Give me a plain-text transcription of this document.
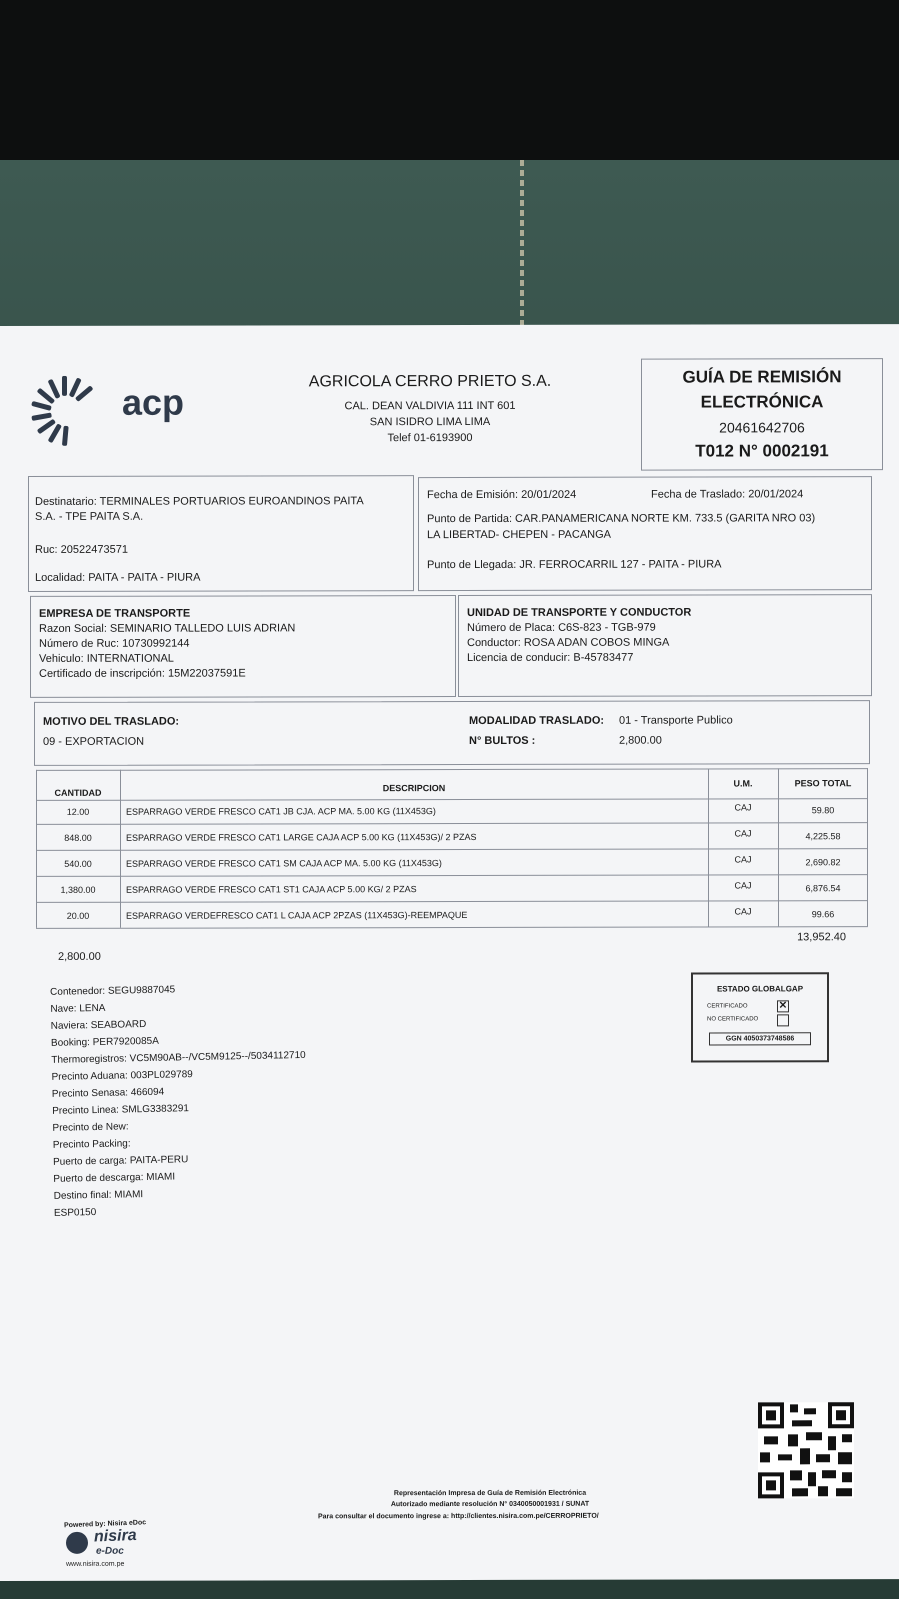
acp
AGRICOLA CERRO PRIETO S.A.
CAL. DEAN VALDIVIA 111 INT 601
SAN ISIDRO LIMA LIMA
Telef 01-6193900
GUÍA DE REMISIÓN
ELECTRÓNICA
20461642706
T012 N° 0002191
Destinatario: TERMINALES PORTUARIOS EUROANDINOS PAITA
S.A. - TPE PAITA S.A.
Ruc: 20522473571
Localidad: PAITA - PAITA - PIURA
Fecha de Emisión: 20/01/2024	Fecha de Traslado: 20/01/2024
Punto de Partida: CAR.PANAMERICANA NORTE KM. 733.5 (GARITA NRO 03)
LA LIBERTAD- CHEPEN - PACANGA
Punto de Llegada: JR. FERROCARRIL 127 - PAITA - PIURA
EMPRESA DE TRANSPORTE
Razon Social: SEMINARIO TALLEDO LUIS ADRIAN
Número de Ruc: 10730992144
Vehiculo: INTERNATIONAL
Certificado de inscripción: 15M22037591E
UNIDAD DE TRANSPORTE Y CONDUCTOR
Número de Placa: C6S-823 - TGB-979
Conductor: ROSA ADAN COBOS MINGA
Licencia de conducir: B-45783477
MOTIVO DEL TRASLADO:
09 - EXPORTACION
MODALIDAD TRASLADO: 01 - Transporte Publico
N° BULTOS :	2,800.00
CANTIDAD	DESCRIPCION	U.M.	PESO TOTAL
12.00	ESPARRAGO VERDE FRESCO CAT1 JB CJA. ACP MA. 5.00 KG (11X453G)	CAJ	59.80
848.00	ESPARRAGO VERDE FRESCO CAT1 LARGE CAJA ACP 5.00 KG (11X453G)/ 2 PZAS	CAJ	4,225.58
540.00	ESPARRAGO VERDE FRESCO CAT1 SM CAJA ACP MA. 5.00 KG (11X453G)	CAJ	2,690.82
1,380.00	ESPARRAGO VERDE FRESCO CAT1 ST1 CAJA ACP 5.00 KG/ 2 PZAS	CAJ	6,876.54
20.00	ESPARRAGO VERDEFRESCO CAT1 L CAJA ACP 2PZAS (11X453G)-REEMPAQUE	CAJ	99.66
2,800.00
13,952.40
ESTADO GLOBALGAP
CERTIFICADO	✕
NO CERTIFICADO
GGN 4050373748586
Contenedor: SEGU9887045
Nave: LENA
Naviera: SEABOARD
Booking: PER7920085A
Thermoregistros: VC5M90AB--/VC5M9125--/5034112710
Precinto Aduana: 003PL029789
Precinto Senasa: 466094
Precinto Linea: SMLG3383291
Precinto de New:
Precinto Packing:
Puerto de carga: PAITA-PERU
Puerto de descarga: MIAMI
Destino final: MIAMI
ESP0150
Powered by: Nisira eDoc
nisira
e-Doc
www.nisira.com.pe
Representación Impresa de Guía de Remisión Electrónica
Autorizado mediante resolución N° 0340050001931 / SUNAT
Para consultar el documento ingrese a: http://clientes.nisira.com.pe/CERROPRIETO/
